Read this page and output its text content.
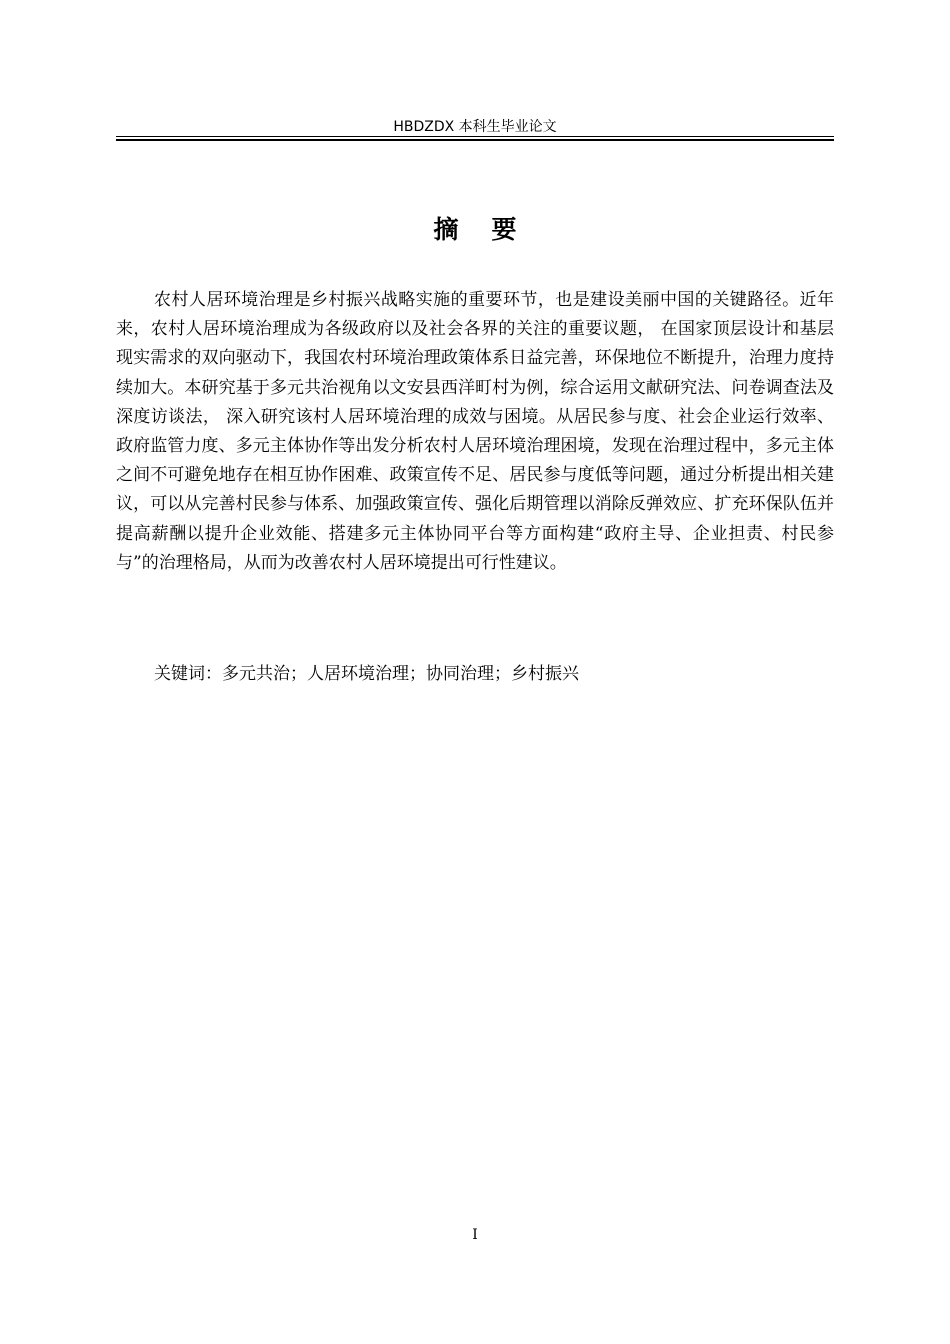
HBDZDX 本科生毕业论文
摘要

农村人居环境治理是乡村振兴战略实施的重要环节，也是建设美丽中国的关键路径。近年来，农村人居环境治理成为各级政府以及社会各界的关注的重要议题， 在国家顶层设计和基层现实需求的双向驱动下，我国农村环境治理政策体系日益完善，环保地位不断提升，治理力度持续加大。本研究基于多元共治视角以文安县西洋町村为例，综合运用文献研究法、问卷调查法及深度访谈法， 深入研究该村人居环境治理的成效与困境。从居民参与度、社会企业运行效率、政府监管力度、多元主体协作等出发分析农村人居环境治理困境，发现在治理过程中，多元主体之间不可避免地存在相互协作困难、政策宣传不足、居民参与度低等问题，通过分析提出相关建议，可以从完善村民参与体系、加强政策宣传、强化后期管理以消除反弹效应、扩充环保队伍并提高薪酬以提升企业效能、搭建多元主体协同平台等方面构建“政府主导、企业担责、村民参与”的治理格局，从而为改善农村人居环境提出可行性建议。

关键词：多元共治；人居环境治理；协同治理；乡村振兴

I
